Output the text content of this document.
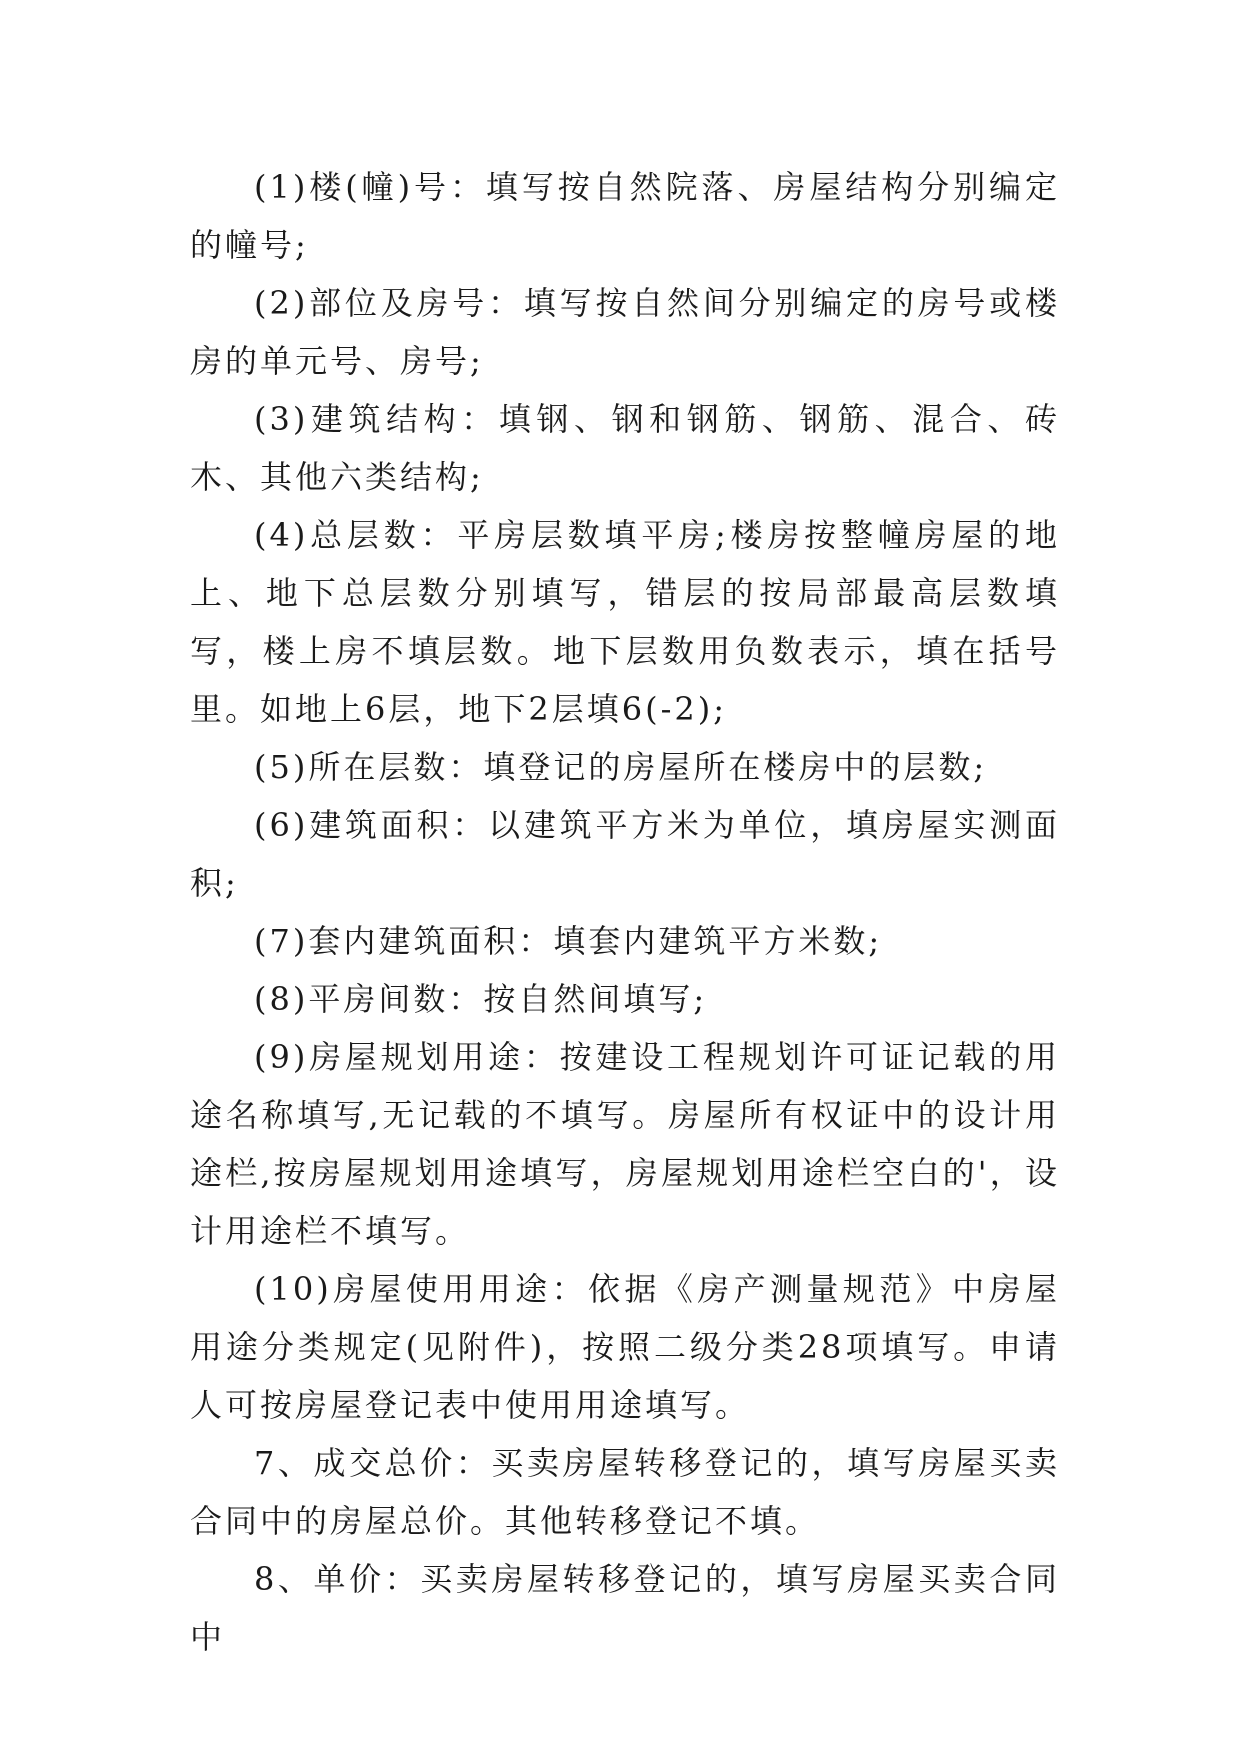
(1)楼(幢)号：填写按自然院落、房屋结构分别编定的幢号;

(2)部位及房号：填写按自然间分别编定的房号或楼房的单元号、房号;

(3)建筑结构：填钢、钢和钢筋、钢筋、混合、砖木、其他六类结构;

(4)总层数：平房层数填平房;楼房按整幢房屋的地上、地下总层数分别填写，错层的按局部最高层数填写，楼上房不填层数。地下层数用负数表示，填在括号里。如地上6层，地下2层填6(-2);

(5)所在层数：填登记的房屋所在楼房中的层数;

(6)建筑面积：以建筑平方米为单位，填房屋实测面积;

(7)套内建筑面积：填套内建筑平方米数;

(8)平房间数：按自然间填写;

(9)房屋规划用途：按建设工程规划许可证记载的用途名称填写,无记载的不填写。房屋所有权证中的设计用途栏,按房屋规划用途填写，房屋规划用途栏空白的'，设计用途栏不填写。

(10)房屋使用用途：依据《房产测量规范》中房屋用途分类规定(见附件)，按照二级分类28项填写。申请人可按房屋登记表中使用用途填写。

7、成交总价：买卖房屋转移登记的，填写房屋买卖合同中的房屋总价。其他转移登记不填。

8、单价：买卖房屋转移登记的，填写房屋买卖合同中
